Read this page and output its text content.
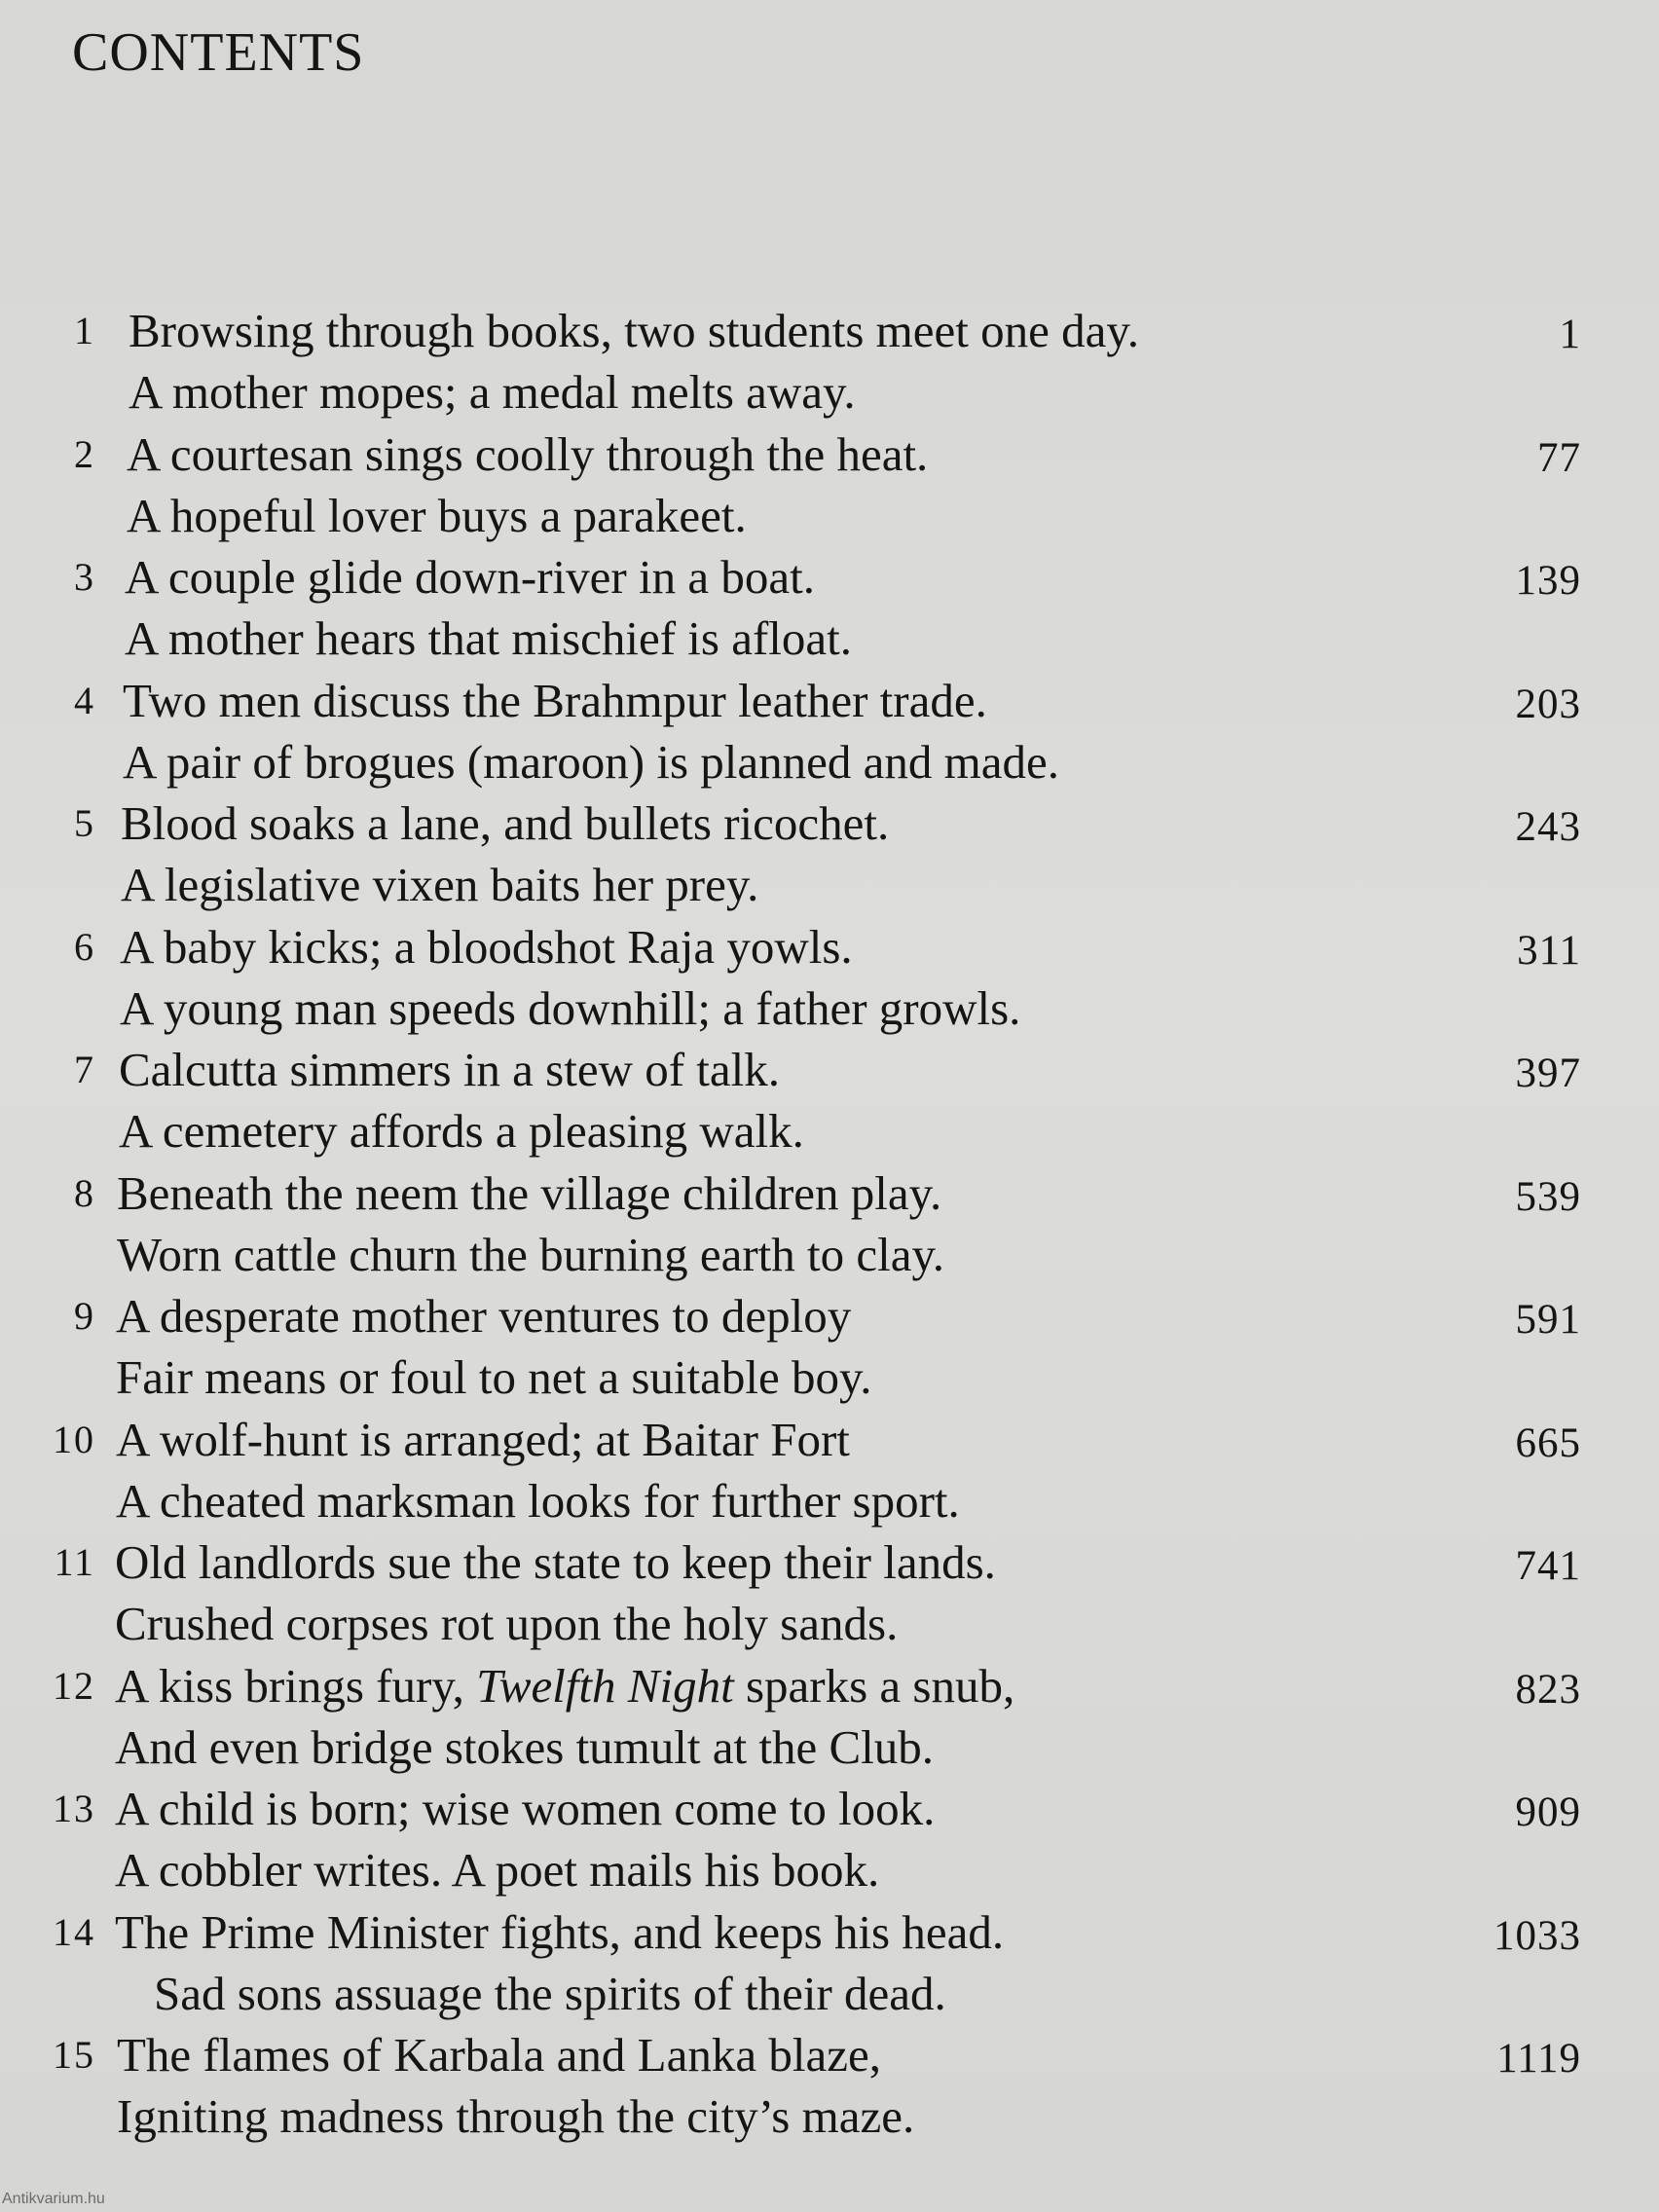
CONTENTS
1 Browsing through books, two students meet one day.
A mother mopes; a medal melts away.
1
2 A courtesan sings coolly through the heat.
A hopeful lover buys a parakeet.
77
3 A couple glide down-river in a boat.
A mother hears that mischief is afloat.
139
4 Two men discuss the Brahmpur leather trade.
A pair of brogues (maroon) is planned and made.
203
5 Blood soaks a lane, and bullets ricochet.
A legislative vixen baits her prey.
243
6 A baby kicks; a bloodshot Raja yowls.
A young man speeds downhill; a father growls.
311
7 Calcutta simmers in a stew of talk.
A cemetery affords a pleasing walk.
397
8 Beneath the neem the village children play.
Worn cattle churn the burning earth to clay.
539
9 A desperate mother ventures to deploy
Fair means or foul to net a suitable boy.
591
10 A wolf-hunt is arranged; at Baitar Fort
A cheated marksman looks for further sport.
665
11 Old landlords sue the state to keep their lands.
Crushed corpses rot upon the holy sands.
741
12 A kiss brings fury, Twelfth Night sparks a snub,
And even bridge stokes tumult at the Club.
823
13 A child is born; wise women come to look.
A cobbler writes. A poet mails his book.
909
14 The Prime Minister fights, and keeps his head.
Sad sons assuage the spirits of their dead.
1033
15 The flames of Karbala and Lanka blaze,
Igniting madness through the city’s maze.
1119
Antikvarium.hu
